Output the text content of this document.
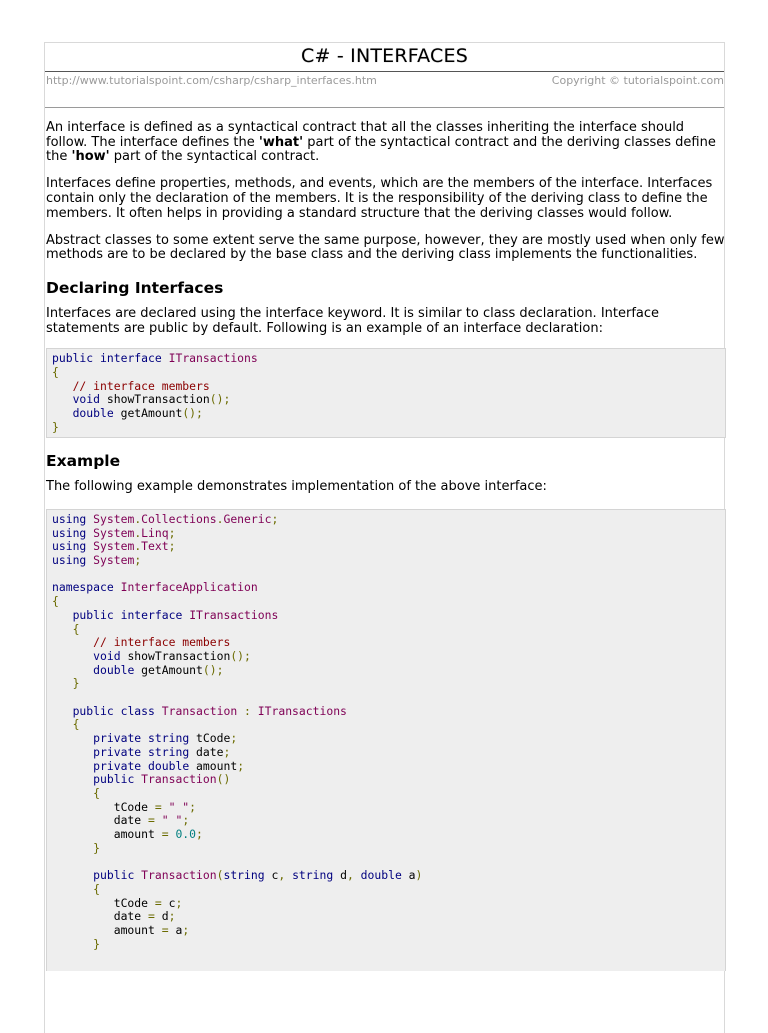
C# - INTERFACES
http://www.tutorialspoint.com/csharp/csharp_interfaces.htm	Copyright © tutorialspoint.com

An interface is defined as a syntactical contract that all the classes inheriting the interface should follow. The interface defines the 'what' part of the syntactical contract and the deriving classes define the 'how' part of the syntactical contract.

Interfaces define properties, methods, and events, which are the members of the interface. Interfaces contain only the declaration of the members. It is the responsibility of the deriving class to define the members. It often helps in providing a standard structure that the deriving classes would follow.

Abstract classes to some extent serve the same purpose, however, they are mostly used when only few methods are to be declared by the base class and the deriving class implements the functionalities.

Declaring Interfaces

Interfaces are declared using the interface keyword. It is similar to class declaration. Interface statements are public by default. Following is an example of an interface declaration:

public interface ITransactions
{
// interface members
void showTransaction();
double getAmount();
}
Example

The following example demonstrates implementation of the above interface:

using System.Collections.Generic;
using System.Linq;
using System.Text;
using System;

namespace InterfaceApplication
{
public interface ITransactions
{
// interface members
void showTransaction();
double getAmount();
}

public class Transaction : ITransactions
{
private string tCode;
private string date;
private double amount;
public Transaction()
{
tCode = " ";
date = " ";
amount = 0.0;
}

public Transaction(string c, string d, double a)
{
tCode = c;
date = d;
amount = a;
}
